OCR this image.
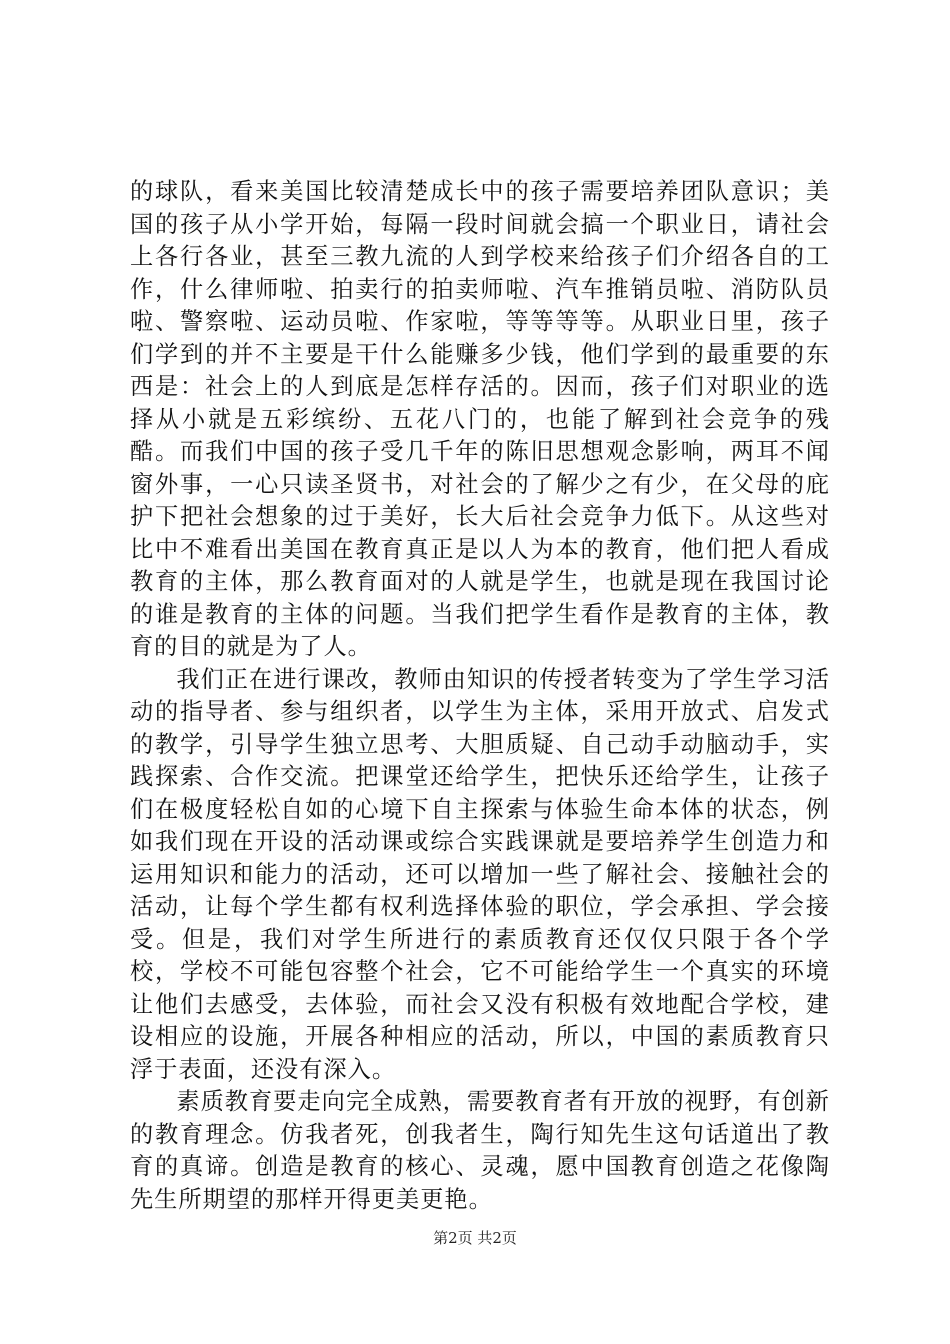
的球队，看来美国比较清楚成长中的孩子需要培养团队意识；美国的孩子从小学开始，每隔一段时间就会搞一个职业日，请社会上各行各业，甚至三教九流的人到学校来给孩子们介绍各自的工作，什么律师啦、拍卖行的拍卖师啦、汽车推销员啦、消防队员啦、警察啦、运动员啦、作家啦，等等等等。从职业日里，孩子们学到的并不主要是干什么能赚多少钱，他们学到的最重要的东西是：社会上的人到底是怎样存活的。因而，孩子们对职业的选择从小就是五彩缤纷、五花八门的，也能了解到社会竞争的残酷。而我们中国的孩子受几千年的陈旧思想观念影响，两耳不闻窗外事，一心只读圣贤书，对社会的了解少之有少，在父母的庇护下把社会想象的过于美好，长大后社会竞争力低下。从这些对比中不难看出美国在教育真正是以人为本的教育，他们把人看成教育的主体，那么教育面对的人就是学生，也就是现在我国讨论的谁是教育的主体的问题。当我们把学生看作是教育的主体，教育的目的就是为了人。

我们正在进行课改，教师由知识的传授者转变为了学生学习活动的指导者、参与组织者，以学生为主体，采用开放式、启发式的教学，引导学生独立思考、大胆质疑、自己动手动脑动手，实践探索、合作交流。把课堂还给学生，把快乐还给学生，让孩子们在极度轻松自如的心境下自主探索与体验生命本体的状态，例如我们现在开设的活动课或综合实践课就是要培养学生创造力和运用知识和能力的活动，还可以增加一些了解社会、接触社会的活动，让每个学生都有权利选择体验的职位，学会承担、学会接受。但是，我们对学生所进行的素质教育还仅仅只限于各个学校，学校不可能包容整个社会，它不可能给学生一个真实的环境让他们去感受，去体验，而社会又没有积极有效地配合学校，建设相应的设施，开展各种相应的活动，所以，中国的素质教育只浮于表面，还没有深入。

素质教育要走向完全成熟，需要教育者有开放的视野，有创新的教育理念。仿我者死，创我者生，陶行知先生这句话道出了教育的真谛。创造是教育的核心、灵魂，愿中国教育创造之花像陶先生所期望的那样开得更美更艳。

第2页 共2页
